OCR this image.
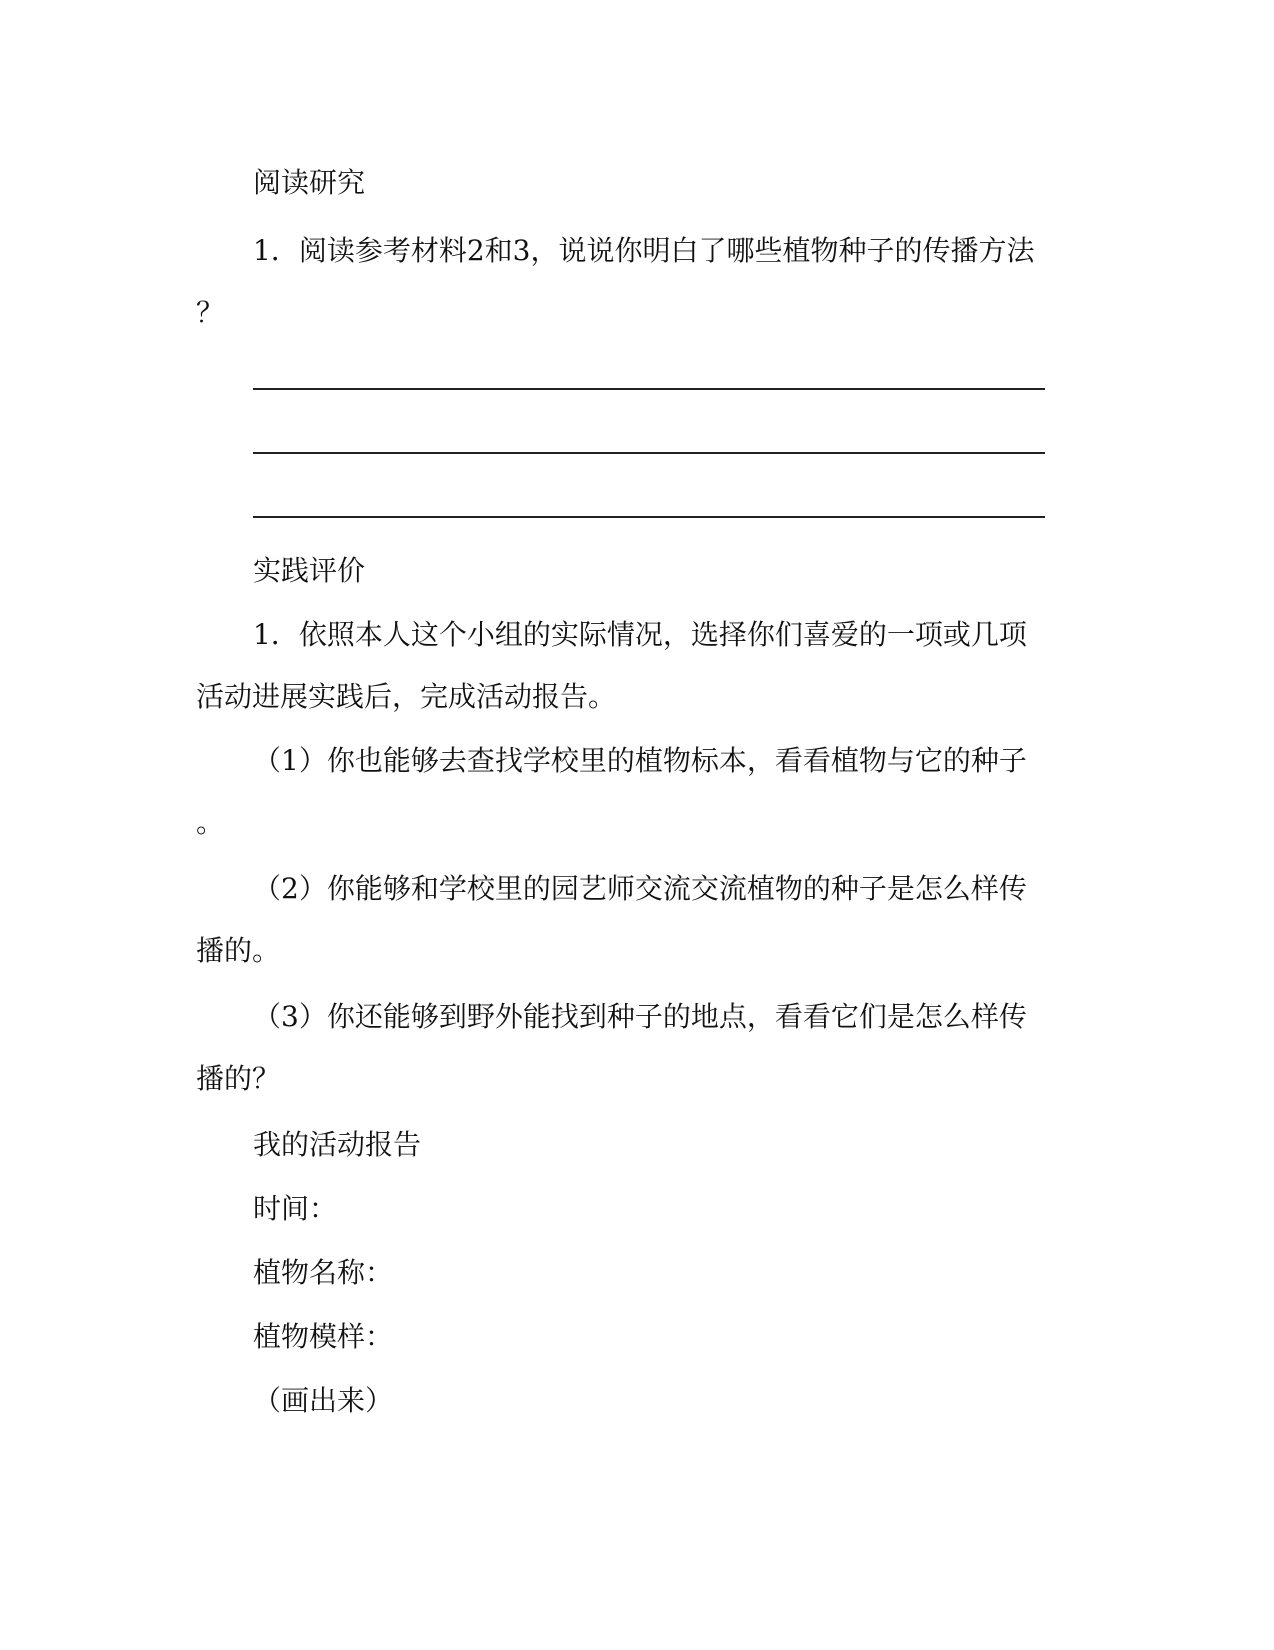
阅读研究
1．阅读参考材料2和3，说说你明白了哪些植物种子的传播方法
？
实践评价
1．依照本人这个小组的实际情况，选择你们喜爱的一项或几项
活动进展实践后，完成活动报告。
（1）你也能够去查找学校里的植物标本，看看植物与它的种子
。
（2）你能够和学校里的园艺师交流交流植物的种子是怎么样传
播的。
（3）你还能够到野外能找到种子的地点，看看它们是怎么样传
播的？
我的活动报告
时间：
植物名称：
植物模样：
（画出来）
